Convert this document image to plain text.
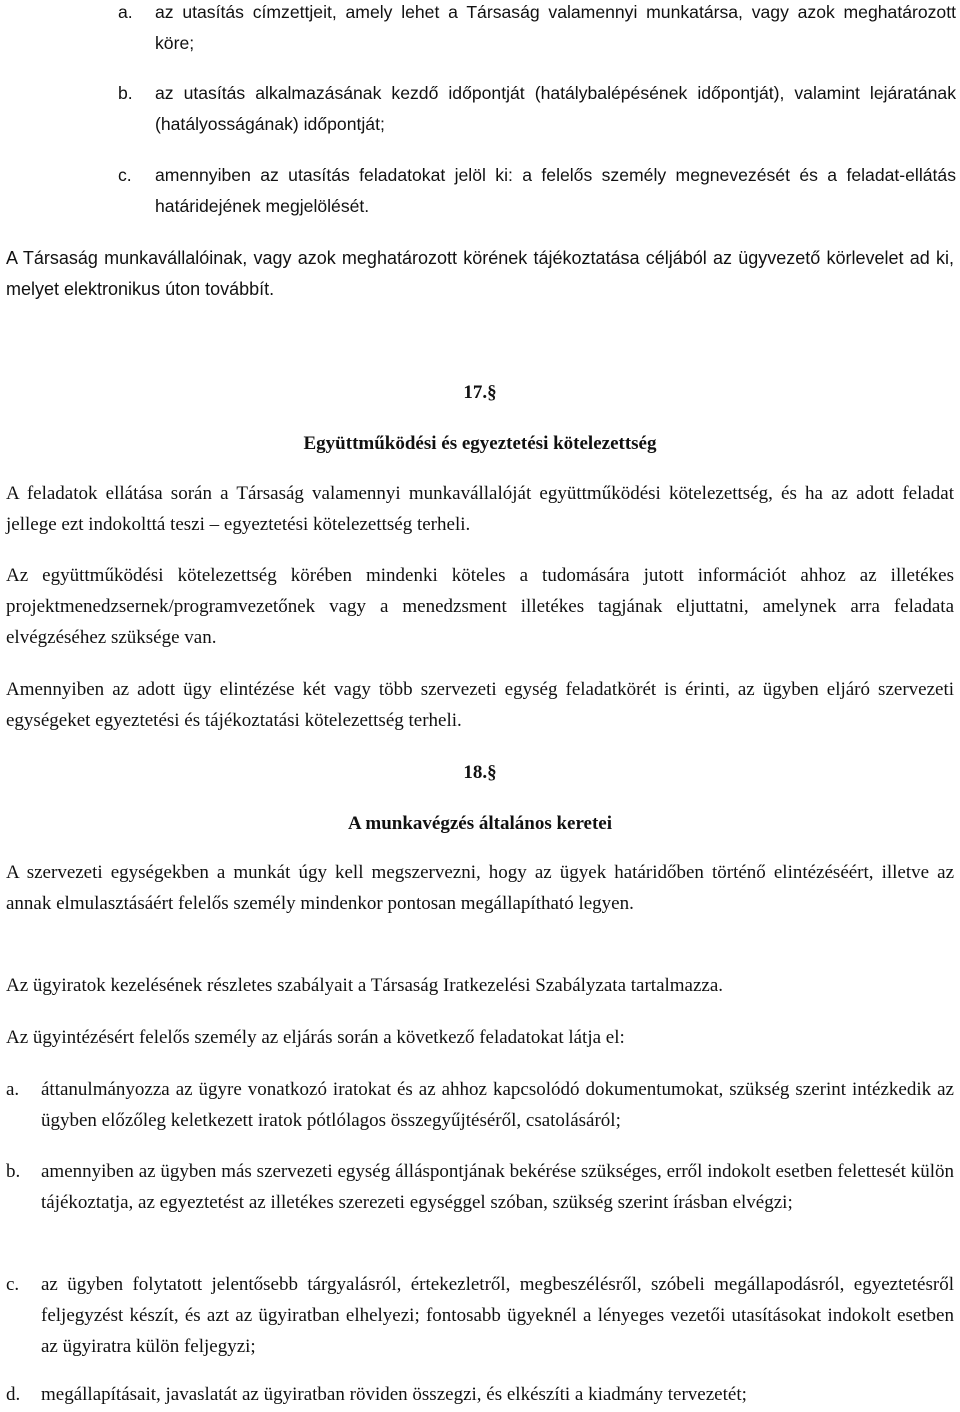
a.	az utasítás címzettjeit, amely lehet a Társaság valamennyi munkatársa, vagy azok meghatározott köre;
b.	az utasítás alkalmazásának kezdő időpontját (hatálybalépésének időpontját), valamint lejáratának (hatályosságának) időpontját;
c.	amennyiben az utasítás feladatokat jelöl ki: a felelős személy megnevezését és a feladat-ellátás határidejének megjelölését.

A Társaság munkavállalóinak, vagy azok meghatározott körének tájékoztatása céljából az ügyvezető körlevelet ad ki, melyet elektronikus úton továbbít.

17.§
Együttműködési és egyeztetési kötelezettség

A feladatok ellátása során a Társaság valamennyi munkavállalóját együttműködési kötelezettség, és ha az adott feladat jellege ezt indokolttá teszi – egyeztetési kötelezettség terheli.

Az együttműködési kötelezettség körében mindenki köteles a tudomására jutott információt ahhoz az illetékes projektmenedzsernek/programvezetőnek vagy a menedzsment illetékes tagjának eljuttatni, amelynek arra feladata elvégzéséhez szüksége van.

Amennyiben az adott ügy elintézése két vagy több szervezeti egység feladatkörét is érinti, az ügyben eljáró szervezeti egységeket egyeztetési és tájékoztatási kötelezettség terheli.

18.§
A munkavégzés általános keretei

A szervezeti egységekben a munkát úgy kell megszervezni, hogy az ügyek határidőben történő elintézéséért, illetve az annak elmulasztásáért felelős személy mindenkor pontosan megállapítható legyen.

Az ügyiratok kezelésének részletes szabályait a Társaság Iratkezelési Szabályzata tartalmazza.

Az ügyintézésért felelős személy az eljárás során a következő feladatokat látja el:

a.	áttanulmányozza az ügyre vonatkozó iratokat és az ahhoz kapcsolódó dokumentumokat, szükség szerint intézkedik az ügyben előzőleg keletkezett iratok pótlólagos összegyűjtéséről, csatolásáról;
b.	amennyiben az ügyben más szervezeti egység álláspontjának bekérése szükséges, erről indokolt esetben felettesét külön tájékoztatja, az egyeztetést az illetékes szerezeti egységgel szóban, szükség szerint írásban elvégzi;
c.	az ügyben folytatott jelentősebb tárgyalásról, értekezletről, megbeszélésről, szóbeli megállapodásról, egyeztetésről feljegyzést készít, és azt az ügyiratban elhelyezi; fontosabb ügyeknél a lényeges vezetői utasításokat indokolt esetben az ügyiratra külön feljegyzi;
d.	megállapításait, javaslatát az ügyiratban röviden összegzi, és elkészíti a kiadmány tervezetét;
